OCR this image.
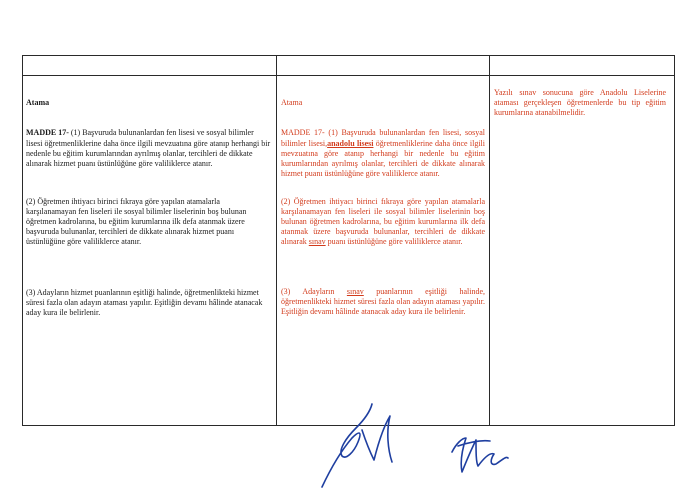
Atama

MADDE 17- (1) Başvuruda bulunanlardan fen lisesi ve sosyal bilimler lisesi öğretmenliklerine daha önce ilgili mevzuatına göre atanıp herhangi bir nedenle bu eğitim kurumlarından ayrılmış olanlar, tercihleri de dikkate alınarak hizmet puanı üstünlüğüne göre valiliklerce atanır.

(2) Öğretmen ihtiyacı birinci fıkraya göre yapılan atamalarla karşılanamayan fen liseleri ile sosyal bilimler liselerinin boş bulunan öğretmen kadrolarına, bu eğitim kurumlarına ilk defa atanmak üzere başvuruda bulunanlar, tercihleri de dikkate alınarak hizmet puanı üstünlüğüne göre valiliklerce atanır.
(3) Adayların hizmet puanlarının eşitliği halinde, öğretmenlikteki hizmet süresi fazla olan adayın ataması yapılır. Eşitliğin devamı hâlinde atanacak aday kura ile belirlenir.

Atama

MADDE 17- (1) Başvuruda bulunanlardan fen lisesi, sosyal bilimler lisesi,anadolu lisesi öğretmenliklerine daha önce ilgili mevzuatına göre atanıp herhangi bir nedenle bu eğitim kurumlarından ayrılmış olanlar, tercihleri de dikkate alınarak hizmet puanı üstünlüğüne göre valiliklerce atanır.

(2) Öğretmen ihtiyacı birinci fıkraya göre yapılan atamalarla karşılanamayan fen liseleri ile sosyal bilimler liselerinin boş bulunan öğretmen kadrolarına, bu eğitim kurumlarına ilk defa atanmak üzere başvuruda bulunanlar, tercihleri de dikkate alınarak sınav puanı üstünlüğüne göre valiliklerce atanır.
(3) Adayların sınav puanlarının eşitliği halinde, öğretmenlikteki hizmet süresi fazla olan adayın ataması yapılır. Eşitliğin devamı hâlinde atanacak aday kura ile belirlenir.
Yazılı sınav sonucuna göre Anadolu Liselerine ataması gerçekleşen öğretmenlerde bu tip eğitim kurumlarına atanabilmelidir.
